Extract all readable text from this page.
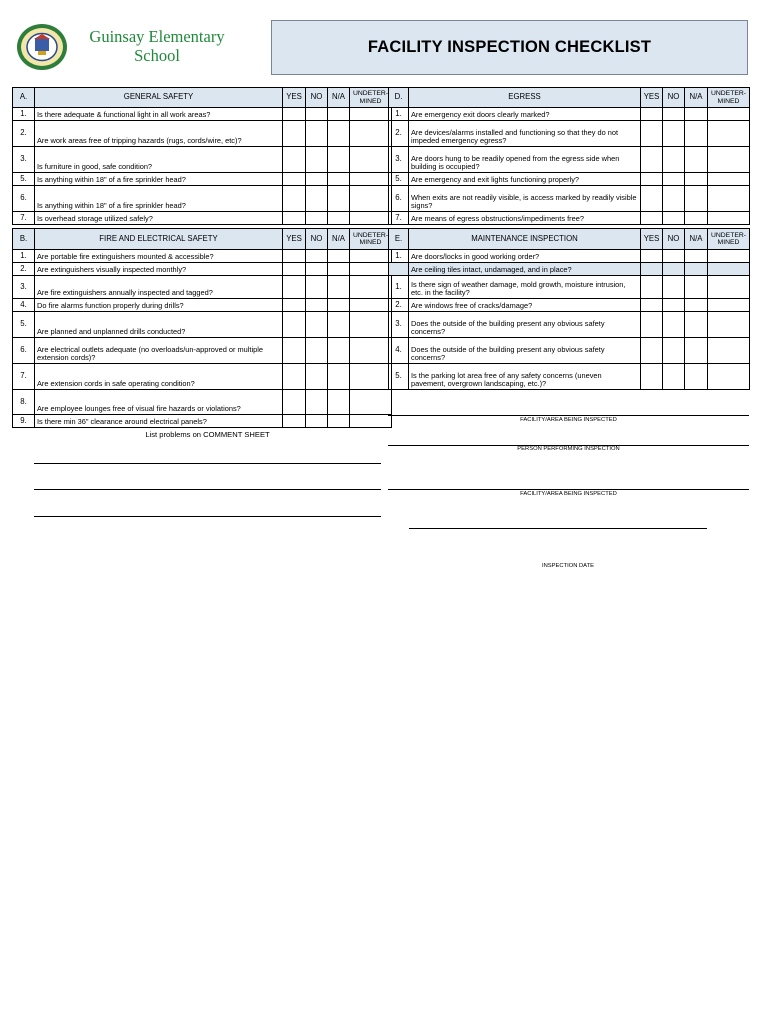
Guinsay Elementary School	FACILITY INSPECTION CHECKLIST
A.	GENERAL SAFETY	YES	NO	N/A	UNDETER-MINED
1.	Is there adequate & functional light in all work areas?				
2.	Are work areas free of tripping hazards (rugs, cords/wire, etc)?				
3.	Is furniture in good, safe condition?				
5.	Is anything within 18" of a fire sprinkler head?				
6.	Is anything within 18" of a fire sprinkler head?				
7.	Is overhead storage utilized safely?				
B.	FIRE AND ELECTRICAL SAFETY	YES	NO	N/A	UNDETER-MINED
1.	Are portable fire extinguishers mounted & accessible?				
2.	Are extinguishers visually inspected monthly?				
3.	Are fire extinguishers annually inspected and tagged?				
4.	Do fire alarms function properly during drills?				
5.	Are planned and unplanned drills conducted?				
6.	Are electrical outlets adequate (no overloads/un-approved or multiple extension cords)?				
7.	Are extension cords in safe operating condition?				
8.	Are employee lounges free of visual fire hazards or violations?				
9.	Is there min 36" clearance around electrical panels?				
D.	EGRESS	YES	NO	N/A	UNDETER-MINED
1.	Are emergency exit doors clearly marked?				
2.	Are devices/alarms installed and functioning so that they do not impeded emergency egress?				
3.	Are doors hung to be readily opened from the egress side when building is occupied?				
5.	Are emergency and exit lights functioning properly?				
6.	When exits are not readily visible, is access marked by readily visible signs?				
7.	Are means of egress obstructions/impediments free?				
E.	MAINTENANCE INSPECTION	YES	NO	N/A	UNDETER-MINED
1.	Are doors/locks in good working order?				
	Are ceiling tiles intact, undamaged, and in place?				
1.	Is there sign of weather damage, mold growth, moisture intrusion, etc. in the facility?				
2.	Are windows free of cracks/damage?				
3.	Does the outside of the building present any obvious safety concerns?				
4.	Does the outside of the building present any obvious safety concerns?				
5.	Is the parking lot area free of any safety concerns (uneven pavement, overgrown landscaping, etc.)?				
List problems on COMMENT SHEET
FACILITY/AREA BEING INSPECTED
PERSON PERFORMING INSPECTION
FACILITY/AREA BEING INSPECTED
INSPECTION DATE
